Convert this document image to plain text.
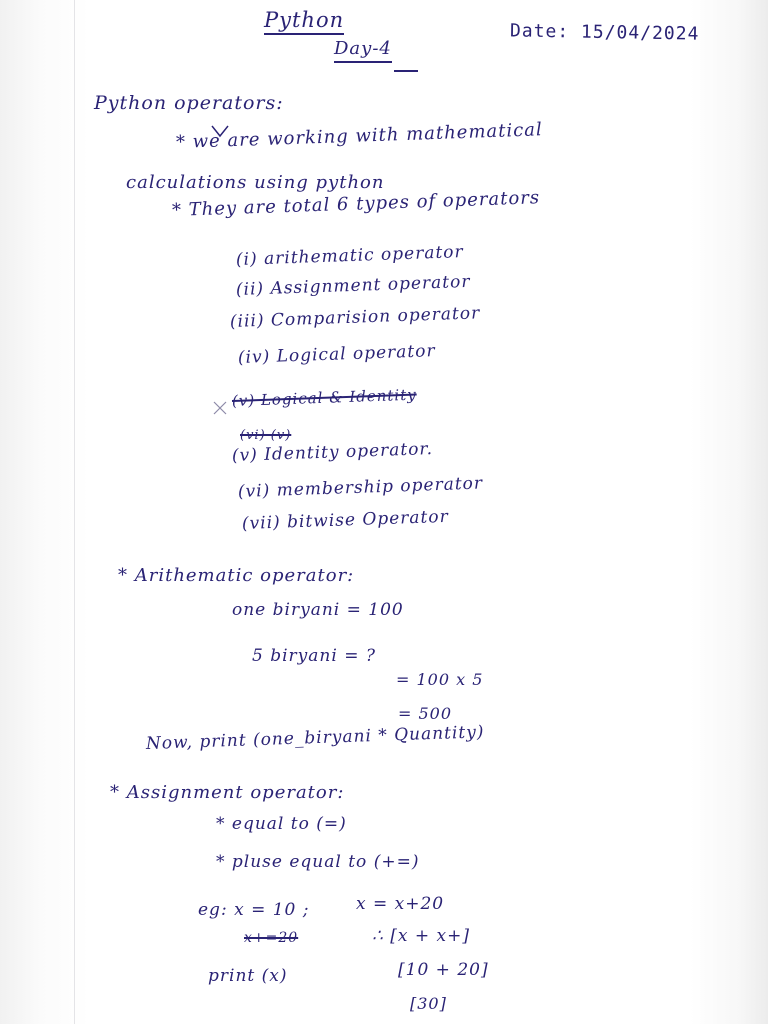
Python
Day-4
Date: 15/04/2024
Python operators:
* we are working with mathematical
calculations using python
* They are total 6 types of operators
(i) arithematic operator
(ii) Assignment operator
(iii) Comparision operator
(iv) Logical operator
(v) Logical & Identity
(vi) (v)
(v) Identity operator.
(vi) membership operator
(vii) bitwise Operator
* Arithematic operator:
one biryani = 100
5 biryani = ?
= 100 x 5
= 500
Now, print (one_biryani * Quantity)
* Assignment operator:
* equal to (=)
* pluse equal to (+=)
eg: x = 10 ;	x = x+20
x+=20	∴ [x + x+]
print (x)	[10 + 20]
[30]
